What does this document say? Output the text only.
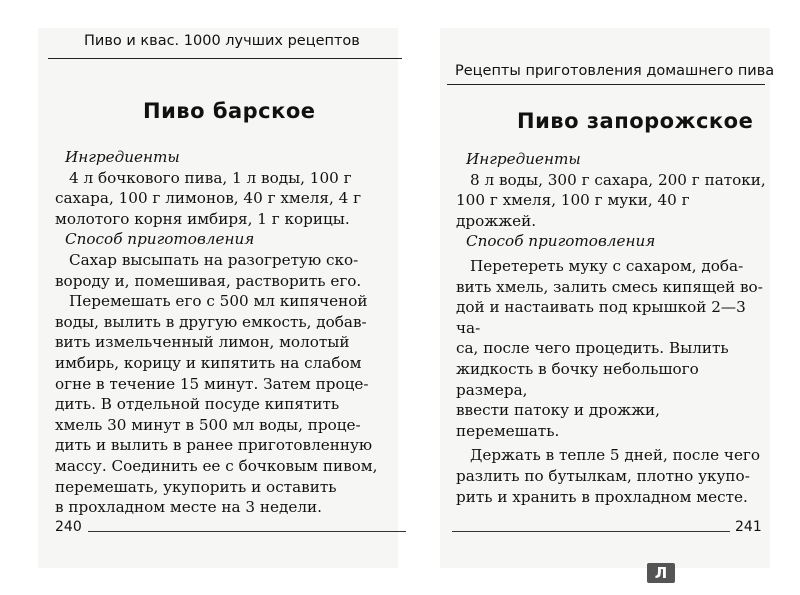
Пиво и квас. 1000 лучших рецептов
Пиво барское

Ингредиенты

4 л бочкового пива, 1 л воды, 100 г

сахара, 100 г лимонов, 40 г хмеля, 4 г

молотого корня имбиря, 1 г корицы.

Способ приготовления

Сахар высыпать на разогретую ско-

вороду и, помешивая, растворить его.

Перемешать его с 500 мл кипяченой

воды, вылить в другую емкость, добав-

вить измельченный лимон, молотый

имбирь, корицу и кипятить на слабом

огне в течение 15 минут. Затем проце-

дить. В отдельной посуде кипятить

хмель 30 минут в 500 мл воды, проце-

дить и вылить в ранее приготовленную

массу. Соединить ее с бочковым пивом,

перемешать, укупорить и оставить

в прохладном месте на 3 недели.

240
Рецепты приготовления домашнего пива
Пиво запорожское

Ингредиенты

8 л воды, 300 г сахара, 200 г патоки,

100 г хмеля, 100 г муки, 40 г дрожжей.

Способ приготовления

Перетереть муку с сахаром, доба-

вить хмель, залить смесь кипящей во-

дой и настаивать под крышкой 2—3 ча-

са, после чего процедить. Вылить

жидкость в бочку небольшого размера,

ввести патоку и дрожжи, перемешать.

Держать в тепле 5 дней, после чего

разлить по бутылкам, плотно укупо-

рить и хранить в прохладном месте.

241
Л
